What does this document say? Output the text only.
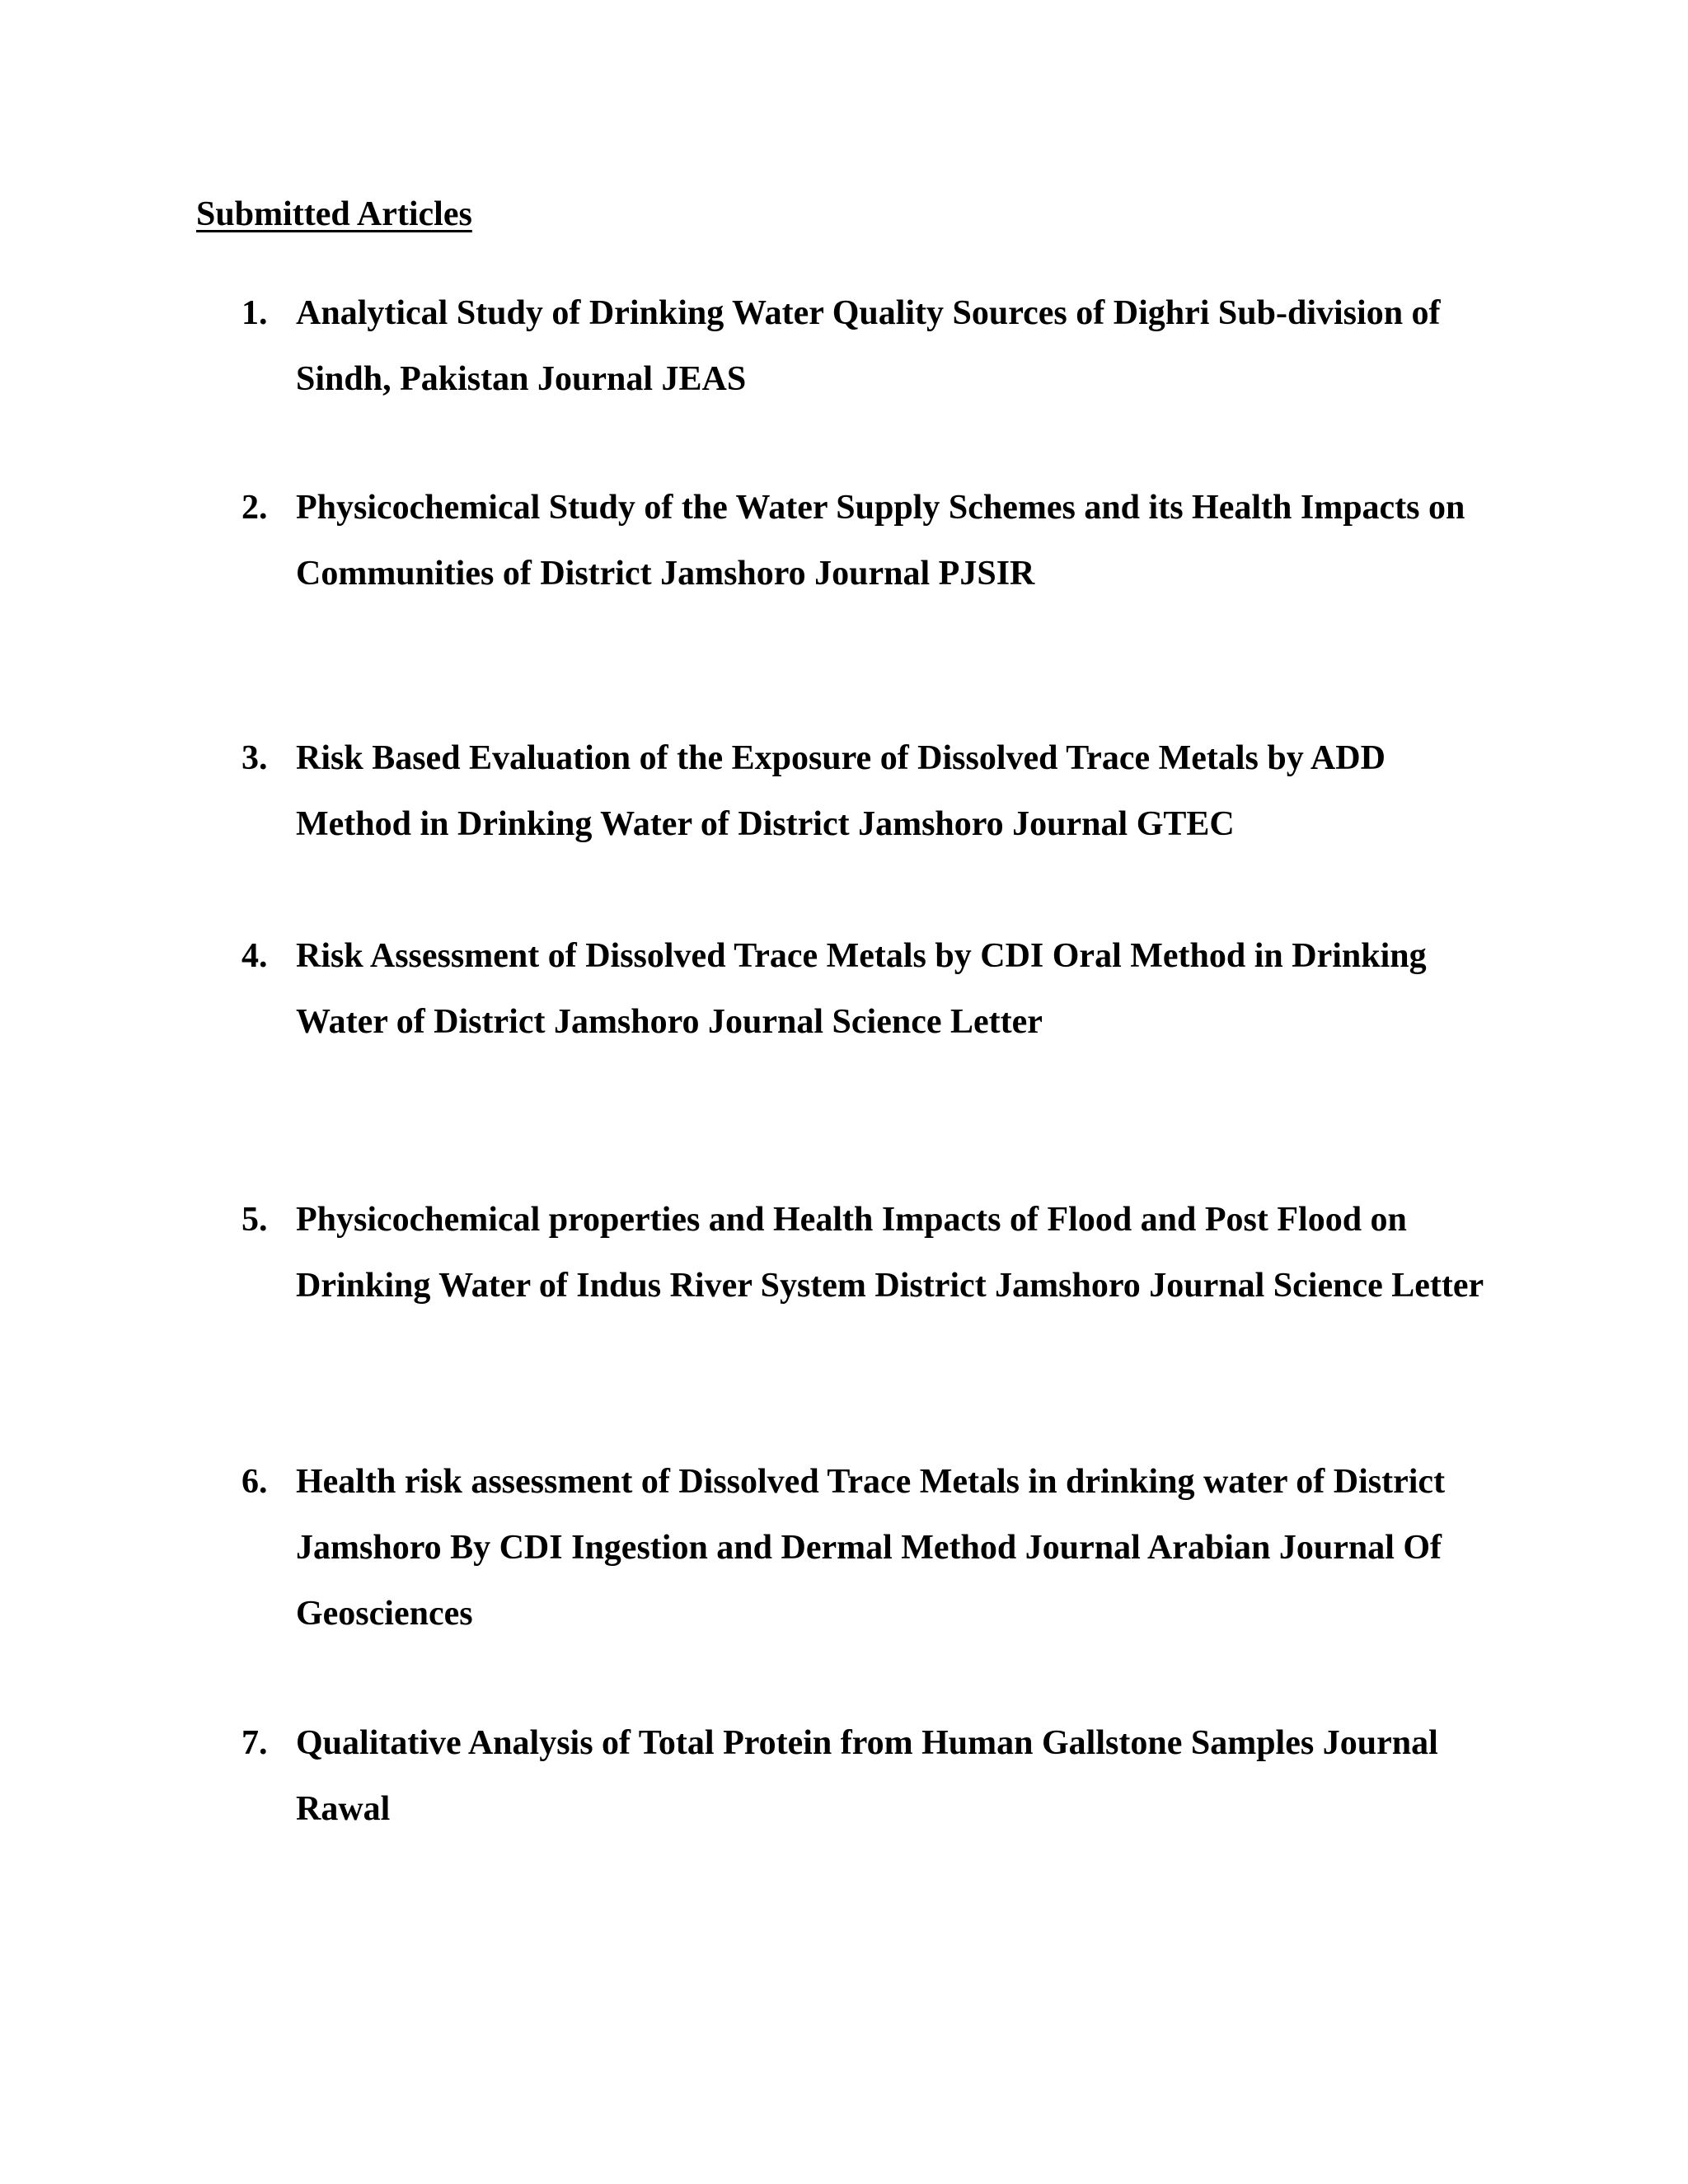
Submitted Articles
1. Analytical Study of Drinking Water Quality Sources of Dighri Sub-division of Sindh, Pakistan Journal JEAS
2. Physicochemical Study of the Water Supply Schemes and its Health Impacts on Communities of District Jamshoro Journal PJSIR
3. Risk Based Evaluation of the Exposure of Dissolved Trace Metals by ADD Method in Drinking Water of District Jamshoro Journal GTEC
4. Risk Assessment of Dissolved Trace Metals by CDI Oral Method in Drinking Water of District Jamshoro Journal Science Letter
5. Physicochemical properties and Health Impacts of Flood and Post Flood on Drinking Water of Indus River System District Jamshoro Journal Science Letter
6. Health risk assessment of Dissolved Trace Metals in drinking water of District Jamshoro By CDI Ingestion and Dermal Method Journal Arabian Journal Of Geosciences
7. Qualitative Analysis of Total Protein from Human Gallstone Samples Journal Rawal
